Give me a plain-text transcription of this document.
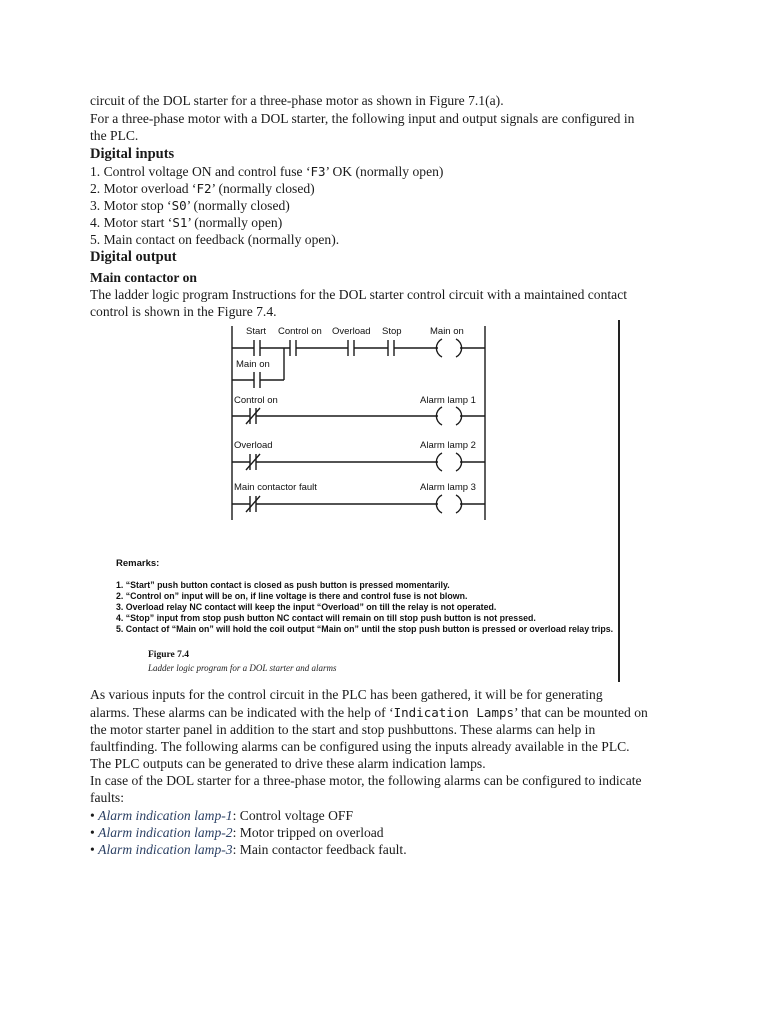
circuit of the DOL starter for a three-phase motor as shown in Figure 7.1(a).
For a three-phase motor with a DOL starter, the following input and output signals are configured in
the PLC.
Digital inputs
1. Control voltage ON and control fuse ‘F3’ OK (normally open)
2. Motor overload ‘F2’ (normally closed)
3. Motor stop ‘S0’ (normally closed)
4. Motor start ‘S1’ (normally open)
5. Main contact on feedback (normally open).
Digital output
Main contactor on
The ladder logic program Instructions for the DOL starter control circuit with a maintained contact
control is shown in the Figure 7.4.
Start Control on Overload Stop	Main on
Main on
Control on	Alarm lamp 1
Overload	Alarm lamp 2
Main contactor fault	Alarm lamp 3
Remarks:
1. “Start” push button contact is closed as push button is pressed momentarily.
2. “Control on” input will be on, if line voltage is there and control fuse is not blown.
3. Overload relay NC contact will keep the input “Overload” on till the relay is not operated.
4. “Stop” input from stop push button NC contact will remain on till stop push button is not pressed.
5. Contact of “Main on” will hold the coil output “Main on” until the stop push button is pressed or overload relay trips.
Figure 7.4
Ladder logic program for a DOL starter and alarms
As various inputs for the control circuit in the PLC has been gathered, it will be for generating
alarms. These alarms can be indicated with the help of ‘Indication Lamps’ that can be mounted on
the motor starter panel in addition to the start and stop pushbuttons. These alarms can help in
faultfinding. The following alarms can be configured using the inputs already available in the PLC.
The PLC outputs can be generated to drive these alarm indication lamps.
In case of the DOL starter for a three-phase motor, the following alarms can be configured to indicate
faults:
• Alarm indication lamp-1: Control voltage OFF
• Alarm indication lamp-2: Motor tripped on overload
• Alarm indication lamp-3: Main contactor feedback fault.
